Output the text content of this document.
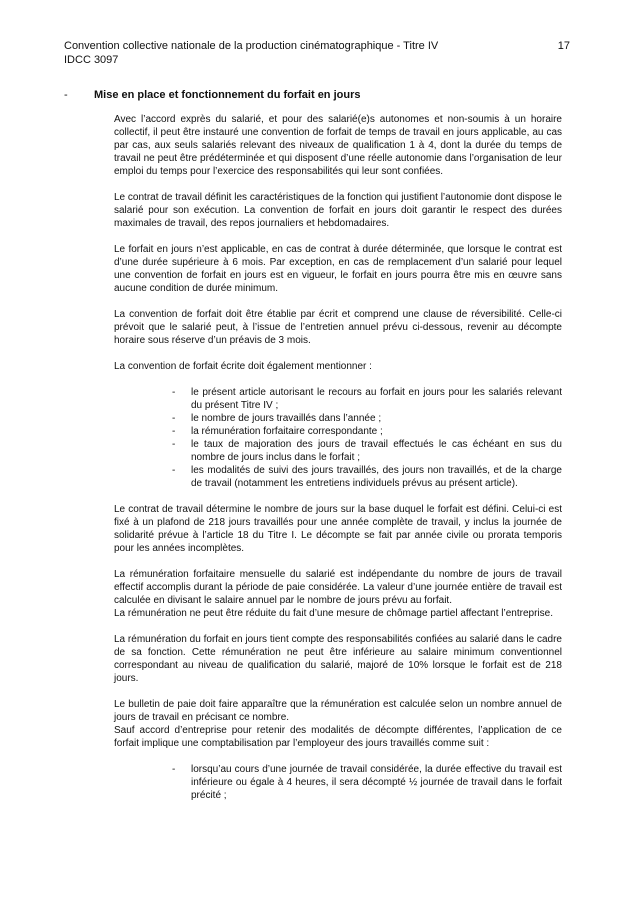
Convention collective nationale de la production cinématographique - Titre IV	17
IDCC 3097
- Mise en place et fonctionnement du forfait en jours

Avec l’accord exprès du salarié, et pour des salarié(e)s autonomes et non-soumis à un horaire collectif, il peut être instauré une convention de forfait de temps de travail en jours applicable, au cas par cas, aux seuls salariés relevant des niveaux de qualification 1 à 4, dont la durée du temps de travail ne peut être prédéterminée et qui disposent d’une réelle autonomie dans l’organisation de leur emploi du temps pour l’exercice des responsabilités qui leur sont confiées.

Le contrat de travail définit les caractéristiques de la fonction qui justifient l’autonomie dont dispose le salarié pour son exécution. La convention de forfait en jours doit garantir le respect des durées maximales de travail, des repos journaliers et hebdomadaires.

Le forfait en jours n’est applicable, en cas de contrat à durée déterminée, que lorsque le contrat est d’une durée supérieure à 6 mois. Par exception, en cas de remplacement d’un salarié pour lequel une convention de forfait en jours est en vigueur, le forfait en jours pourra être mis en œuvre sans aucune condition de durée minimum.

La convention de forfait doit être établie par écrit et comprend une clause de réversibilité. Celle-ci prévoit que le salarié peut, à l’issue de l’entretien annuel prévu ci-dessous, revenir au décompte horaire sous réserve d’un préavis de 3 mois.

La convention de forfait écrite doit également mentionner :

- le présent article autorisant le recours au forfait en jours pour les salariés relevant du présent Titre IV ;
- le nombre de jours travaillés dans l’année ;
- la rémunération forfaitaire correspondante ;
- le taux de majoration des jours de travail effectués le cas échéant en sus du nombre de jours inclus dans le forfait ;
- les modalités de suivi des jours travaillés, des jours non travaillés, et de la charge de travail (notamment les entretiens individuels prévus au présent article).

Le contrat de travail détermine le nombre de jours sur la base duquel le forfait est défini. Celui-ci est fixé à un plafond de 218 jours travaillés pour une année complète de travail, y inclus la journée de solidarité prévue à l’article 18 du Titre I. Le décompte se fait par année civile ou prorata temporis pour les années incomplètes.

La rémunération forfaitaire mensuelle du salarié est indépendante du nombre de jours de travail effectif accomplis durant la période de paie considérée. La valeur d’une journée entière de travail est calculée en divisant le salaire annuel par le nombre de jours prévu au forfait.
La rémunération ne peut être réduite du fait d’une mesure de chômage partiel affectant l’entreprise.

La rémunération du forfait en jours tient compte des responsabilités confiées au salarié dans le cadre de sa fonction. Cette rémunération ne peut être inférieure au salaire minimum conventionnel correspondant au niveau de qualification du salarié, majoré de 10% lorsque le forfait est de 218 jours.

Le bulletin de paie doit faire apparaître que la rémunération est calculée selon un nombre annuel de jours de travail en précisant ce nombre.
Sauf accord d’entreprise pour retenir des modalités de décompte différentes, l’application de ce forfait implique une comptabilisation par l’employeur des jours travaillés comme suit :

- lorsqu’au cours d’une journée de travail considérée, la durée effective du travail est inférieure ou égale à 4 heures, il sera décompté ½ journée de travail dans le forfait précité ;
